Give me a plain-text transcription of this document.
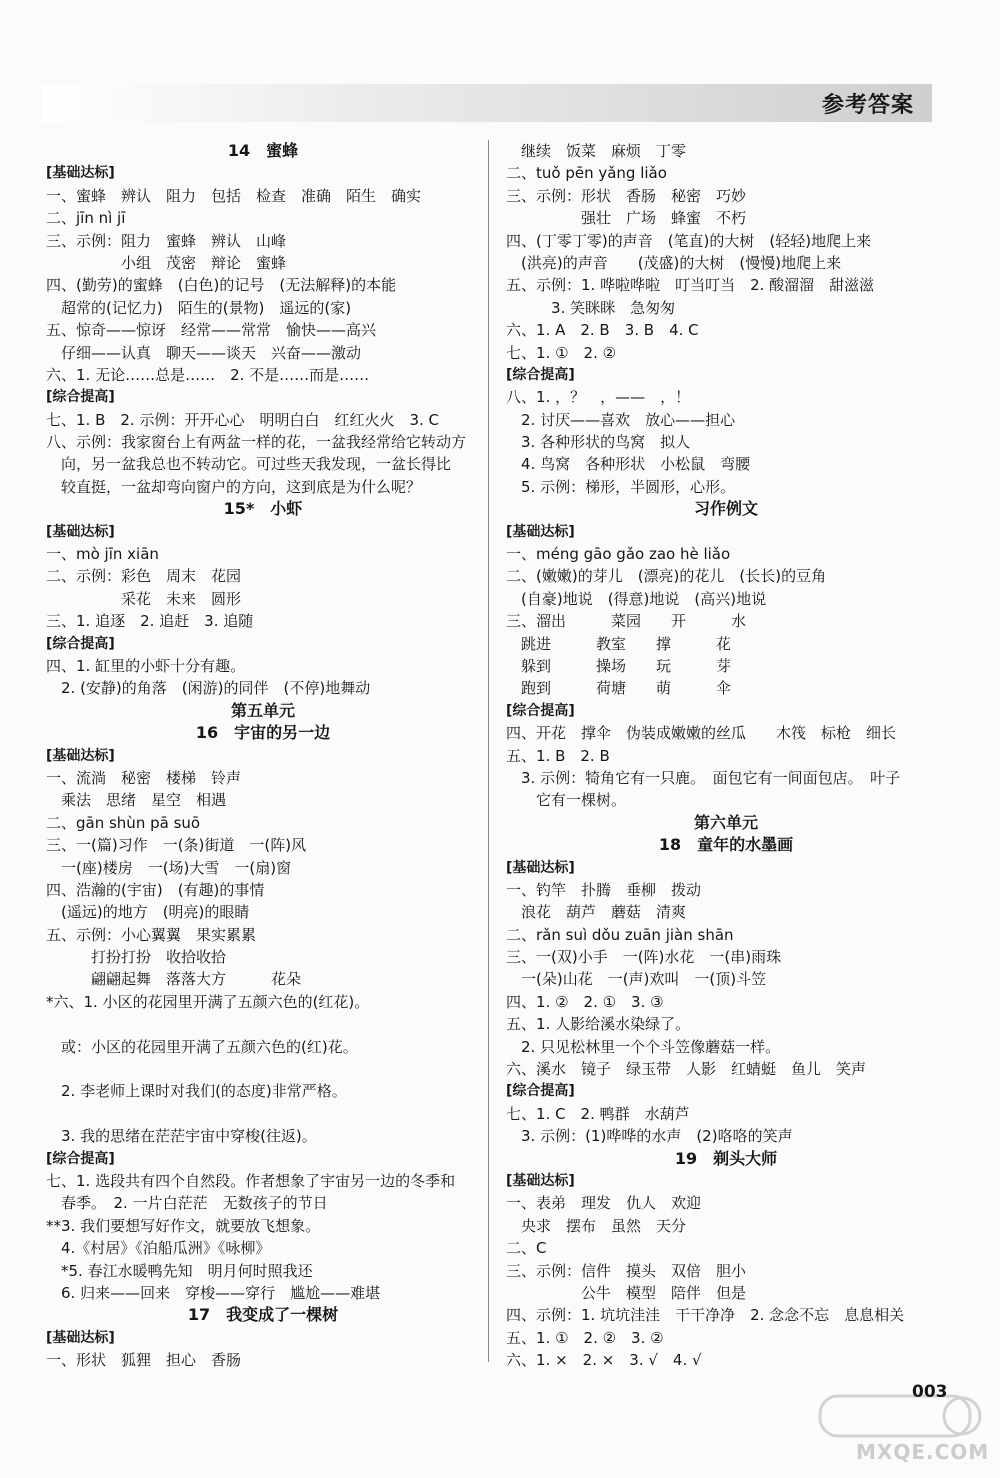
参考答案
14　蜜蜂
[基础达标]
一、蜜蜂　辨认　阻力　包括　检查　准确　陌生　确实
二、jīn nì jī
三、示例：阻力　蜜蜂　辨认　山峰
　　　　　小组　茂密　辩论　蜜蜂
四、(勤劳)的蜜蜂　(白色)的记号　(无法解释)的本能
　超常的(记忆力)　陌生的(景物)　遥远的(家)
五、惊奇——惊讶　经常——常常　愉快——高兴
　仔细——认真　聊天——谈天　兴奋——激动
六、1. 无论……总是……　2. 不是……而是……
[综合提高]
七、1. B　2. 示例：开开心心　明明白白　红红火火　3. C
八、示例：我家窗台上有两盆一样的花，一盆我经常给它转动方
　向，另一盆我总也不转动它。可过些天我发现，一盆长得比
　较直挺，一盆却弯向窗户的方向，这到底是为什么呢？
15*　小虾
[基础达标]
一、mò jīn xiān
二、示例：彩色　周末　花园
　　　　　采花　未来　圆形
三、1. 追逐　2. 追赶　3. 追随
[综合提高]
四、1. 缸里的小虾十分有趣。
　2. (安静)的角落　(闲游)的同伴　(不停)地舞动
第五单元
16　宇宙的另一边
[基础达标]
一、流淌　秘密　楼梯　铃声
　乘法　思绪　星空　相遇
二、gān shùn pā suō
三、一(篇)习作　一(条)街道　一(阵)风
　一(座)楼房　一(场)大雪　一(扇)窗
四、浩瀚的(宇宙)　(有趣)的事情
　(遥远)的地方　(明亮)的眼睛
五、示例：小心翼翼　果实累累
　　　打扮打扮　收拾收拾
　　　翩翩起舞　落落大方　　　花朵
*六、1. 小区的花园里开满了五颜六色的(红花)。
　或：小区的花园里开满了五颜六色的(红)花。
　2. 李老师上课时对我们(的态度)非常严格。
　3. 我的思绪在茫茫宇宙中穿梭(往返)。
[综合提高]
七、1. 选段共有四个自然段。作者想象了宇宙另一边的冬季和
　春季。　2. 一片白茫茫　无数孩子的节日
**3. 我们要想写好作文，就要放飞想象。
　4.《村居》《泊船瓜洲》《咏柳》
　*5. 春江水暖鸭先知　明月何时照我还
　6. 归来——回来　穿梭——穿行　尴尬——难堪
17　我变成了一棵树
[基础达标]
一、形状　狐狸　担心　香肠
　继续　饭菜　麻烦　丁零
二、tuǒ pēn yǎng liǎo
三、示例：形状　香肠　秘密　巧妙
　　　　　强壮　广场　蜂蜜　不朽
四、(丁零丁零)的声音　(笔直)的大树　(轻轻)地爬上来
　(洪亮)的声音　　(茂盛)的大树　(慢慢)地爬上来
五、示例：1. 哗啦哗啦　叮当叮当　2. 酸溜溜　甜滋滋
　　　3. 笑眯眯　急匆匆
六、1. A　2. B　3. B　4. C
七、1. ①　2. ②
[综合提高]
八、1. ，？　，——　，！
　2. 讨厌——喜欢　放心——担心
　3. 各种形状的鸟窝　拟人
　4. 鸟窝　各种形状　小松鼠　弯腰
　5. 示例：梯形，半圆形，心形。
习作例文
[基础达标]
一、méng gāo gǎo zao hè liǎo
二、(嫩嫩)的芽儿　(漂亮)的花儿　(长长)的豆角
　(自豪)地说　(得意)地说　(高兴)地说
三、溜出　　　菜园　　开　　　水
　跳进　　　教室　　撑　　　花
　躲到　　　操场　　玩　　　芽
　跑到　　　荷塘　　萌　　　伞
[综合提高]
四、开花　撑伞　伪装成嫩嫩的丝瓜　　木筏　标枪　细长
五、1. B　2. B
　3. 示例：犄角它有一只鹿。　面包它有一间面包店。　叶子
　　它有一棵树。
第六单元
18　童年的水墨画
[基础达标]
一、钓竿　扑腾　垂柳　拨动
　浪花　葫芦　蘑菇　清爽
二、rǎn suì dǒu zuān jiàn shān
三、一(双)小手　一(阵)水花　一(串)雨珠
　一(朵)山花　一(声)欢叫　一(顶)斗笠
四、1. ②　2. ①　3. ③
五、1. 人影给溪水染绿了。
　2. 只见松林里一个个斗笠像蘑菇一样。
六、溪水　镜子　绿玉带　人影　红蜻蜓　鱼儿　笑声
[综合提高]
七、1. C　2. 鸭群　水葫芦
　3. 示例：(1)哗哗的水声　(2)咯咯的笑声
19　剃头大师
[基础达标]
一、表弟　理发　仇人　欢迎
　央求　摆布　虽然　天分
二、C
三、示例：信件　摸头　双倍　胆小
　　　　　公牛　模型　陪伴　但是
四、示例：1. 坑坑洼洼　干干净净　2. 念念不忘　息息相关
五、1. ①　2. ②　3. ②
六、1. ×　2. ×　3. √　4. √
MXQE.COM
003
